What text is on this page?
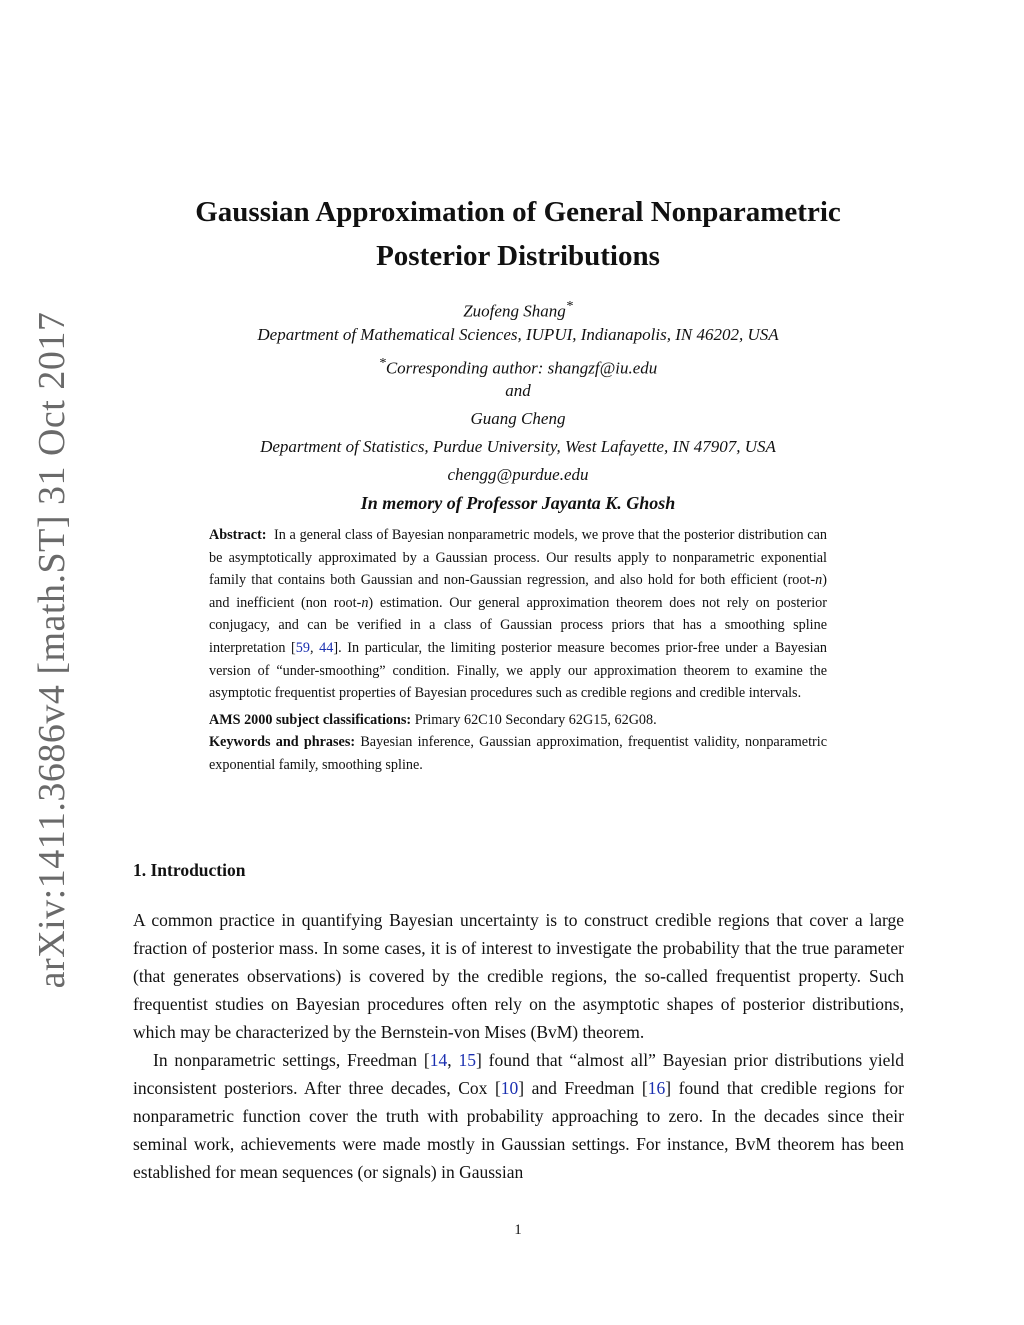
arXiv:1411.3686v4 [math.ST] 31 Oct 2017
Gaussian Approximation of General Nonparametric
Posterior Distributions
Zuofeng Shang*
Department of Mathematical Sciences, IUPUI, Indianapolis, IN 46202, USA
*Corresponding author: shangzf@iu.edu
and
Guang Cheng
Department of Statistics, Purdue University, West Lafayette, IN 47907, USA
chengg@purdue.edu
In memory of Professor Jayanta K. Ghosh

Abstract: In a general class of Bayesian nonparametric models, we prove that the posterior distribution can be asymptotically approximated by a Gaussian process. Our results apply to nonparametric exponential family that contains both Gaussian and non-Gaussian regression, and also hold for both efficient (root-n) and inefficient (non root-n) estimation. Our general approximation theorem does not rely on posterior conjugacy, and can be verified in a class of Gaussian process priors that has a smoothing spline interpretation [59, 44]. In particular, the limiting posterior measure becomes prior-free under a Bayesian version of “under-smoothing” condition. Finally, we apply our approximation theorem to examine the asymptotic frequentist properties of Bayesian procedures such as credible regions and credible intervals.

AMS 2000 subject classifications: Primary 62C10 Secondary 62G15, 62G08.

Keywords and phrases: Bayesian inference, Gaussian approximation, frequentist validity, nonparametric exponential family, smoothing spline.

1. Introduction

A common practice in quantifying Bayesian uncertainty is to construct credible regions that cover a large fraction of posterior mass. In some cases, it is of interest to investigate the probability that the true parameter (that generates observations) is covered by the credible regions, the so-called frequentist property. Such frequentist studies on Bayesian procedures often rely on the asymptotic shapes of posterior distributions, which may be characterized by the Bernstein-von Mises (BvM) theorem.

In nonparametric settings, Freedman [14, 15] found that “almost all” Bayesian prior distributions yield inconsistent posteriors. After three decades, Cox [10] and Freedman [16] found that credible regions for nonparametric function cover the truth with probability approaching to zero. In the decades since their seminal work, achievements were made mostly in Gaussian settings. For instance, BvM theorem has been established for mean sequences (or signals) in Gaussian

1
